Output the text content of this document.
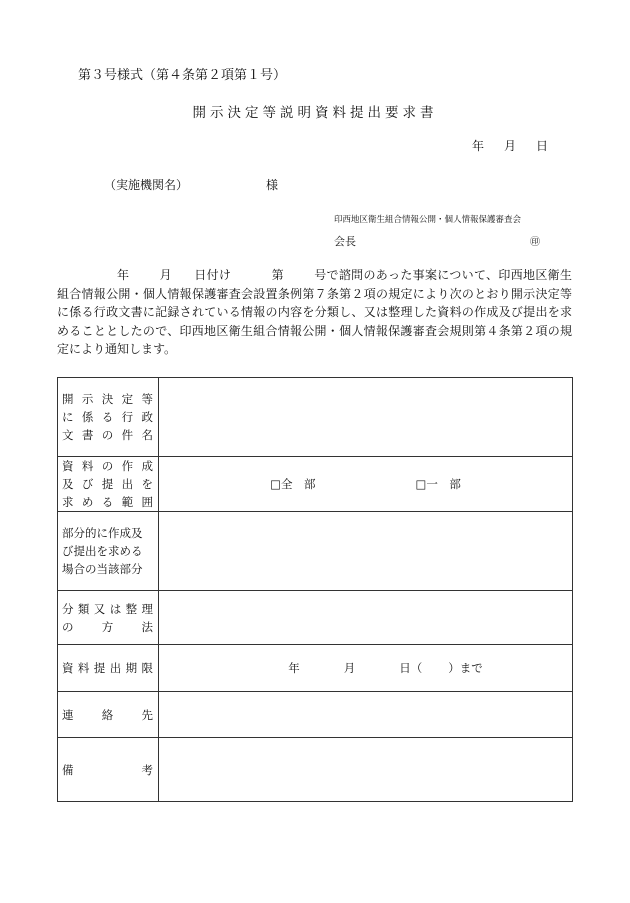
第３号様式（第４条第２項第１号）
開示決定等説明資料提出要求書
年 月 日
（実施機関名）	様
印西地区衛生組合情報公開・個人情報保護審査会
会長	㊞
年	月 日付け	第	号で諮問のあった事案について、印西地区衛生組合情報公開・個人情報保護審査会設置条例第７条第２項の規定により次のとおり開示決定等に係る行政文書に記録されている情報の内容を分類し、又は整理した資料の作成及び提出を求めることとしたので、印西地区衛生組合情報公開・個人情報保護審査会規則第４条第２項の規定により通知します。
開示決定等
に係る行政
文書の件名	

資料の作成
及び提出を
求める範囲	□全　部 □一　部

部分的に作成及
び提出を求める
場合の当該部分	

分類又は整理
の　方　法	

資料提出期限	年 月 日（ ）まで

連　絡　先	

備　　　考	
